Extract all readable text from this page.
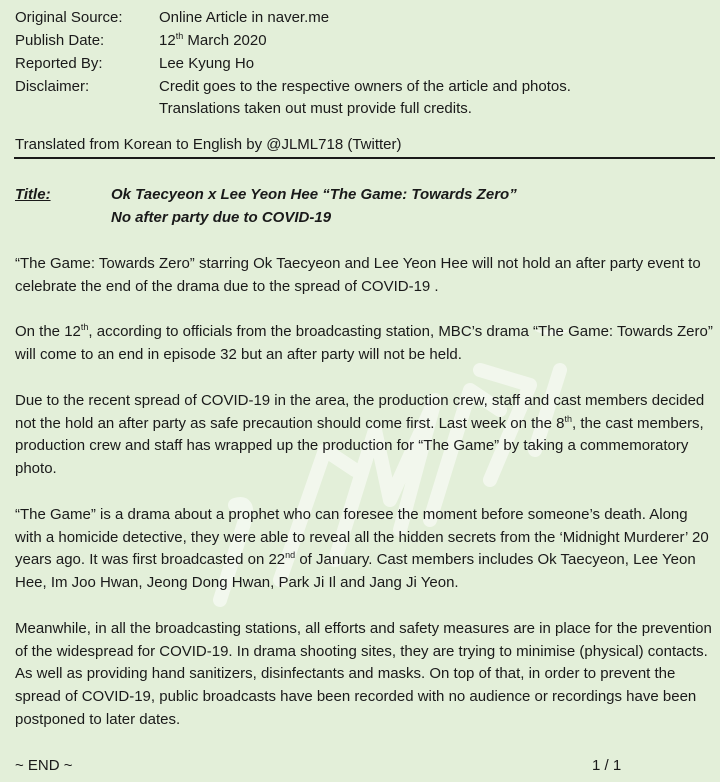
Original Source: Online Article in naver.me
Publish Date:	12th March 2020
Reported By:	Lee Kyung Ho
Disclaimer:	Credit goes to the respective owners of the article and photos.
Translations taken out must provide full credits.
Translated from Korean to English by @JLML718 (Twitter)
Title:	Ok Taecyeon x Lee Yeon Hee “The Game: Towards Zero”
No after party due to COVID-19

“The Game: Towards Zero” starring Ok Taecyeon and Lee Yeon Hee will not hold an after party event to celebrate the end of the drama due to the spread of COVID-19 .

On the 12th, according to officials from the broadcasting station, MBC’s drama “The Game: Towards Zero” will come to an end in episode 32 but an after party will not be held.

Due to the recent spread of COVID-19 in the area, the production crew, staff and cast members decided not the hold an after party as safe precaution should come first. Last week on the 8th, the cast members, production crew and staff has wrapped up the production for “The Game” by taking a commemoratory photo.

“The Game” is a drama about a prophet who can foresee the moment before someone’s death. Along with a homicide detective, they were able to reveal all the hidden secrets from the ‘Midnight Murderer’ 20 years ago. It was first broadcasted on 22nd of January. Cast members includes Ok Taecyeon, Lee Yeon Hee, Im Joo Hwan, Jeong Dong Hwan, Park Ji Il and Jang Ji Yeon.

Meanwhile, in all the broadcasting stations, all efforts and safety measures are in place for the prevention of the widespread for COVID-19. In drama shooting sites, they are trying to minimise (physical) contacts. As well as providing hand sanitizers, disinfectants and masks. On top of that, in order to prevent the spread of COVID-19, public broadcasts have been recorded with no audience or recordings have been postponed to later dates.

~ END ~	1 / 1
